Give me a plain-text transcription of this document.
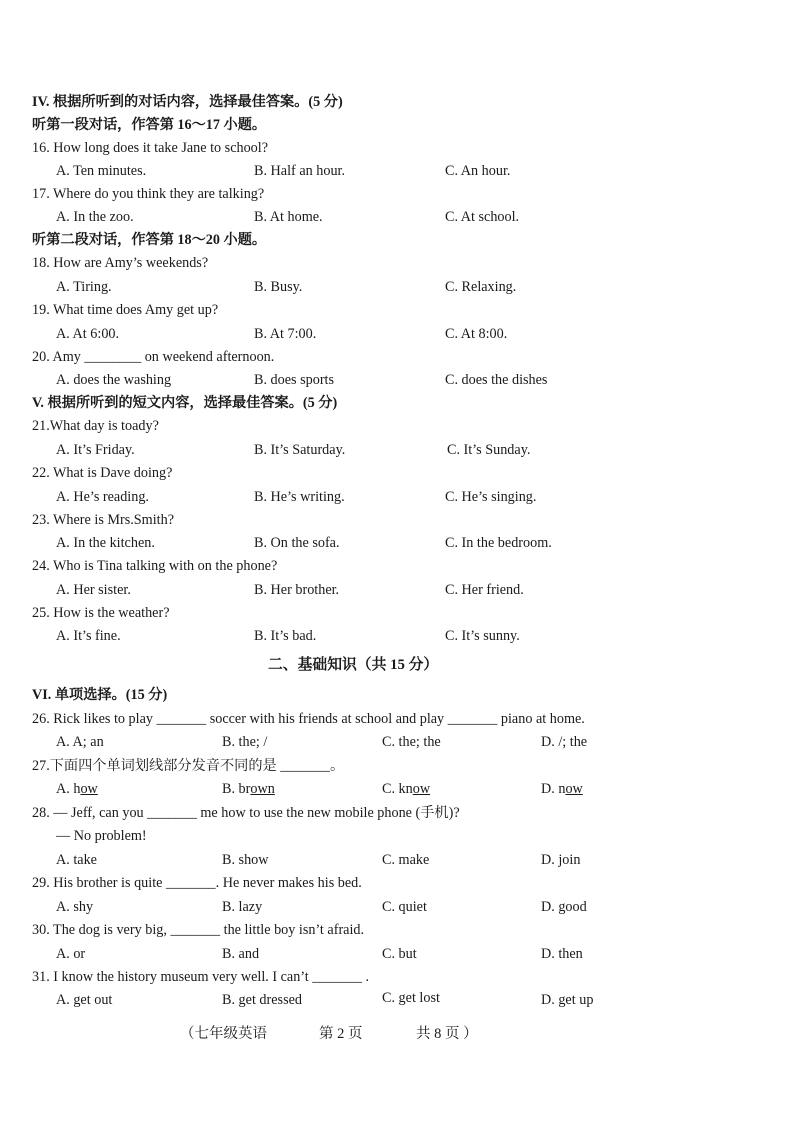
IV. 根据所听到的对话内容，选择最佳答案。(5 分)
听第一段对话，作答第 16～17 小题。
16. How long does it take Jane to school?
A. Ten minutes.	B. Half an hour.	C. An hour.
17. Where do you think they are talking?
A. In the zoo.	B. At home.	C. At school.
听第二段对话，作答第 18～20 小题。
18. How are Amy’s weekends?
A. Tiring.	B. Busy.	C. Relaxing.
19. What time does Amy get up?
A. At 6:00.	B. At 7:00.	C. At 8:00.
20. Amy ________ on weekend afternoon.
A. does the washing	B. does sports	C. does the dishes
V. 根据所听到的短文内容，选择最佳答案。(5 分)
21.What day is toady?
A. It’s Friday.	B. It’s Saturday.	C. It’s Sunday.
22. What is Dave doing?
A. He’s reading.	B. He’s writing.	C. He’s singing.
23. Where is Mrs.Smith?
A. In the kitchen.	B. On the sofa.	C. In the bedroom.
24. Who is Tina talking with on the phone?
A. Her sister.	B. Her brother.	C. Her friend.
25. How is the weather?
A. It’s fine.	B. It’s bad.	C. It’s sunny.
二、基础知识（共 15 分）
VI. 单项选择。(15 分)
26. Rick likes to play _______ soccer with his friends at school and play _______ piano at home.
A. A; an	B. the; /	C. the; the	D. /; the
27.下面四个单词划线部分发音不同的是 _______。
A. how	B. brown	C. know	D. now
28. — Jeff, can you _______ me how to use the new mobile phone (手机)?
— No problem!
A. take	B. show	C. make	D. join
29. His brother is quite _______. He never makes his bed.
A. shy	B. lazy	C. quiet	D. good
30. The dog is very big, _______ the little boy isn’t afraid.
A. or	B. and	C. but	D. then
31. I know the history museum very well. I can’t _______ .
A. get out	B. get dressed	C. get lost	D. get up
（七年级英语	第 2 页	共 8 页 ）
